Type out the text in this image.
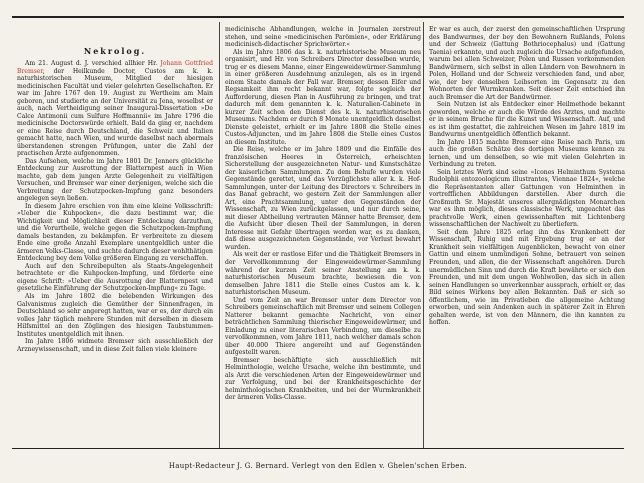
Nekrolog.

Am 21. August d. J. verschied allhier Hr. Johann Gottfried Bremser, der Heilkunde Doctor, Custos am k. k. naturhistorischen Museum, Mitglied der hiesigen medicinischen Facultät und vieler gelehrten Gesellschaften. Er war im Jahre 1767 den 19. August zu Wertheim am Main geboren, und studierte an der Universität zu Jena, woselbst er auch, nach Vertheidigung seiner Inaugural-Dissertation »De Calce Antimonii cum Sulfure Hoffmannii« im Jahre 1796 die medicinische Doctorswürde erhielt. Bald da ging er, nachdem er eine Reise durch Deutschland, die Schweiz und Italien gemacht hatte, nach Wien, und wurde daselbst nach abermals überstandenen strengen Prüfungen, unter die Zahl der practischen Ärzte aufgenommen.

Das Aufsehen, welche im Jahre 1801 Dr. Jenners glückliche Entdeckung zur Ausrottung der Blatternpest auch in Wien machte, gab dem jungen Arzte Gelegenheit zu vielfältigen Versuchen, und Bremser war einer derjenigen, welche sich die Verbreitung der Schutzpocken-Impfung ganz besonders angelegen seyn ließen.

In diesem Jahre erschien von ihm eine kleine Volksschrift: »Ueber die Kuhpocken«, die dazu bestimmt war, die Wichtigkeit und Möglichkeit dieser Entdeckung darzuthun, und die Vorurtheile, welche gegen die Schutzpocken-Impfung damals bestanden, zu bekämpfen. Er verbreitete zu diesem Ende eine große Anzahl Exemplare unentgeldlich unter die ärmeren Volks-Classe, und suchte dadurch dieser wohlthätigen Entdeckung bey dem Volke größeren Eingang zu verschaffen.

Auch auf den Schreibepulten als Staats-Angelegenheit betrachtete er die Kuhpocken-Impfung, und förderte eine eigene Schrift: »Ueber die Ausrottung der Blatternpest und gesetzliche Einführung der Schutzpocken-Impfung« zu Tage.

Als im Jahre 1802 die belebenden Wirkungen des Galvanismus zugleich die Gemüther der Sinnenfragen, in Deutschland so sehr angeregt hatten, war er es, der durch ein volles Jahr täglich mehrere Stunden mit derselben in diesem Hilfsmittel an den Zöglingen des hiesigen Taubstummen-Institutes unentgeldlich mit ihnen.

Im Jahre 1806 widmete Bremser sich ausschließlich der Arzneywissenschaft, und in diese Zeit fallen viele kleinere

medicinische Abhandlungen, welche in Journalen zerstreut stehen, und seine »medicinischen Parömien«, oder Erklärung medicinisch-didactischer Sprichwörter.«

Als im Jahre 1806 das k. k. naturhistorische Museum neu organisirt, und Hr. von Schreibers Director desselben wurde, trug er es diesem Manne, einer Eingeweidewürmer-Sammlung in einer größeren Ausdehnung anzulegen, als es in irgend einem Staate damals der Fall war. Bremser, dessen Eifer und Regsamkeit ihm recht bekannt war, folgte sogleich der Aufforderung, diesen Plan in Ausführung zu bringen, und trat dadurch mit dem genannten k. k. Naturalien-Cabinete in kurzer Zeit schon den Dienst des k. k. naturhistorischen Museums. Nachdem er durch 8 Monate unentgeldlich daselbst Dienste geleistet, erhielt er im Jahre 1808 die Stelle eines Custos-Adjuncten, und im Jahre 1808 die Stelle eines Custos an diesem Institute.

Die Reise, welche er im Jahre 1809 und die Einfälle des französischen Heeres in Österreich, erheischten Sicherstellung der ausgezeichneten Natur- und Kunstschätze der kaiserlichen Sammlungen. Zu dem Behufe wurden viele Gegenstände gerettet, und das Vorzüglichste aller k. k. Hof-Sammlungen, unter der Leitung des Directors v. Schreibers in das Banat gebracht, wo gestern Zeit der Sammlungen aller Art, eine Prachtsammlung, unter den Gegenständen der Wissenschaft, zu Wien zurückgelassen, und nur durch seine, mit dieser Abtheilung vertrauten Männer hatte Bremser, dem die Aufsicht über diesen Theil der Sammlungen, in deren Interesse mit Gefahr übertragen worden war, es zu danken, daß diese ausgezeichneten Gegenstände, vor Verlust bewahrt wurden.

Als weit der er rastlose Eifer und die Thätigkeit Bremsers in der Vervollkommnung der Eingeweidewürmer-Sammlung während der kurzen Zeit seiner Anstellung am k. k. naturhistorischen Museum brachte, bewiesen die von demselben Jahre 1811 die Stelle eines Custos am k. k. naturhistorischen Museum.

Und vom Zeit an war Bremser unter dem Director von Schreibers gemeinschaftlich mit Bremser und seinem Collegen Natterer bekannt gemachte Nachricht, von einer beträchtlichen Sammlung thierischer Eingeweidewürmer, und Einladung zu einer literarischen Verbindung, um dieselbe zu vervollkommnen, vom Jahre 1811, nach welcher damals schon über 40.000 Thiere angereiht und auf Gegenständen aufgestellt waren.

Bremser beschäftigte sich ausschließlich mit Helminthologie, welche Ursache, welche ihn bestimmte, und als Arzt die verschiedenen Arten der Eingeweidewürmer und zur Verfolgung, und bei der Krankheitsgeschichte der helminthologischen Krankheiten, und bei der Wurmkrankheit der ärmeren Volks-Classe.

Er war es auch, der zuerst den gemeinschaftlichen Ursprung des Bandwurmes, der bey den Bewohnern Rußlands, Polens und der Schweiz (Gattung Bothriocephalus) und (Gattung Taenia) erkannte, und auch zugleich die Ursache aufgefunden, warum bei allen Schweizer, Polen und Russen vorkommenden Bandwürmern, sich selbst in allen Ländern von Bewohnern in Polen, Holland und der Schweiz verschieden fand, und aber, wie, der bey denselben Leibsorten im Gegensatz zu den Wohnorten der Wurmkranken. Seit dieser Zeit entschied ihn auch Bremser die Art der Bandwürmer.

Sein Nutzen ist als Entdecker einer Heilmethode bekannt geworden, welche er auch die Würde des Arztes, und machte er in seinem Bruche für die Kunst und Wissenschaft. Auf, und es ist ihm gestattet, die zahlreichen Wesen im Jahre 1819 im Bandwurms unentgeldlich öffentlich bekannt.

Im Jahre 1815 machte Bremser eine Reise nach Paris, um auch die großen Schätze des dortigen Museums kennen zu lernen, und um denselben, so wie mit vielen Gelehrten in Verbindung zu treten.

Sein letztes Werk sind seine »Icones Helminthum Systema Rudolphii entozoologicum illustrantes, Viennae 1824«, welche die Repräsentanten aller Gattungen von Helminthen in vortrefflichen Abbildungen darstellen. Aber durch die Großmuth Sr. Majestät unseres allergnädigsten Monarchen war es ihm möglich, dieses classische Werk, ungeachtet das prachtvolle Werk, einen gewissenhaften mit Lichtenberg wissenschaftlichen der Nachwelt zu überliefern.

Seit dem Jahre 1825 erlag ihn das Krankenbett der Wissenschaft, Ruhig und mit Ergebung trug er an der Krankheit sein vielfältigen Augenblicken, bewacht von einer Gattin und einem unmündigen Sohne, betrauert von seinen Freunden, und allen, die der Wissenschaft angehören. Durch unermüdlichen Sinn und durch die Kraft bewährte er sich den Freunden, und mit dem ungen Wohlwollen, das sich in allen seinen Handlungen so unverkennbar aussprach, erhielt er, das Bild seines Wirkens bey allen Bekannten. Daß er sich so öffentlichem, wie im Privatleben die allgemeine Achtung erworben, und sein Andenken auch in späterer Zeit in Ehren gehalten werde, ist von den Männern, die ihn kannten zu hoffen.

Haupt-Redacteur J. G. Bernard. Verlegt von den Edlen v. Ghelen'schen Erben.
